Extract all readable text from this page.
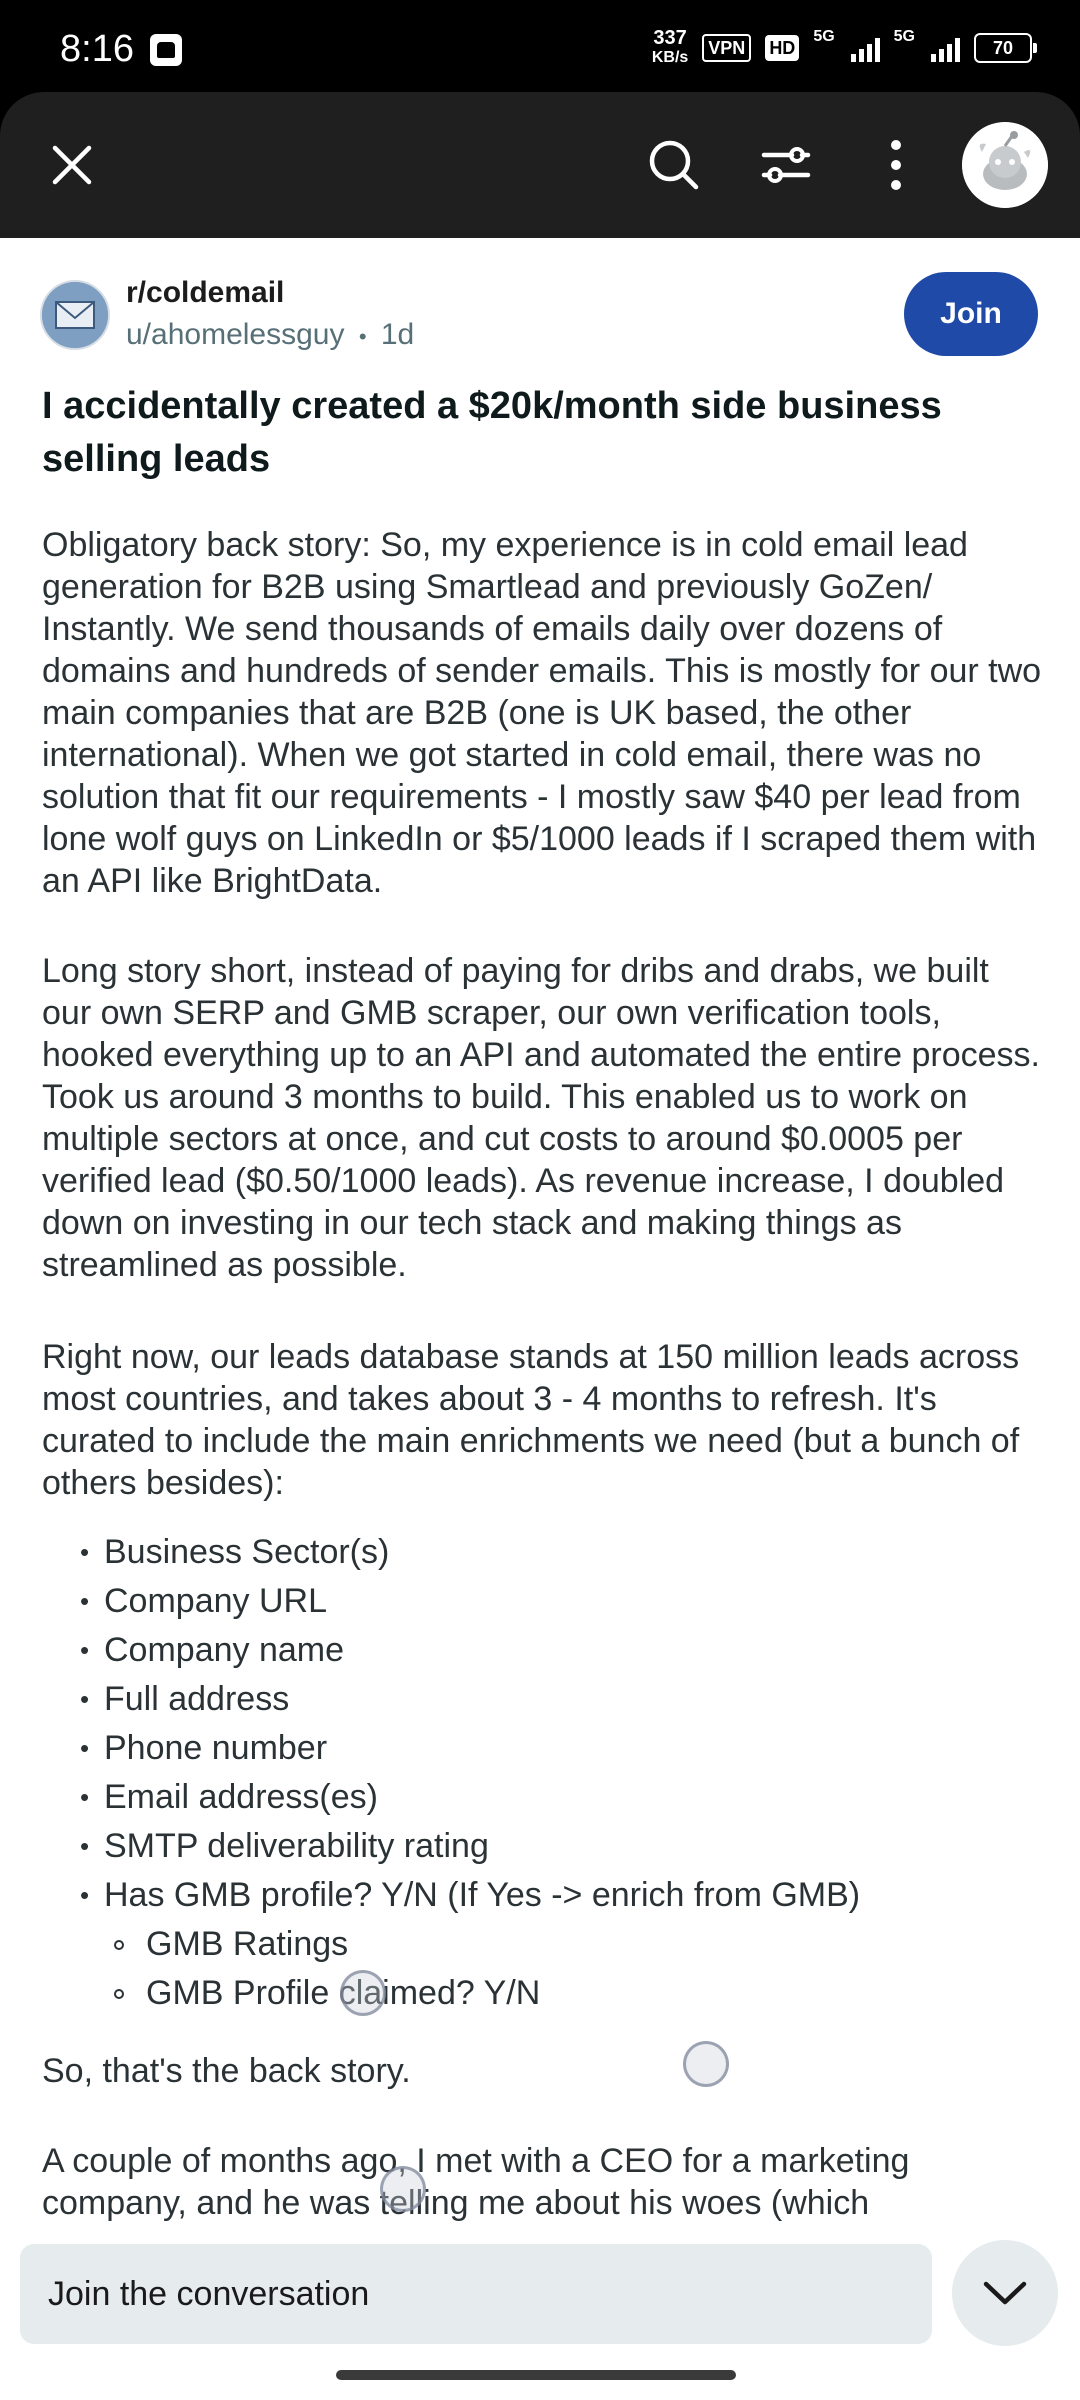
8:16	337
KB/s	VPN	HD
5G	5G
70
r/coldemail
u/ahomelessguy • 1d
Join
I accidentally created a $20k/month side business selling leads
Obligatory back story: So, my experience is in cold email lead generation for B2B using Smartlead and previously GoZen/ Instantly. We send thousands of emails daily over dozens of domains and hundreds of sender emails. This is mostly for our two main companies that are B2B (one is UK based, the other international). When we got started in cold email, there was no solution that fit our requirements - I mostly saw $40 per lead from lone wolf guys on LinkedIn or $5/1000 leads if I scraped them with an API like BrightData.
Long story short, instead of paying for dribs and drabs, we built our own SERP and GMB scraper, our own verification tools, hooked everything up to an API and automated the entire process. Took us around 3 months to build. This enabled us to work on multiple sectors at once, and cut costs to around $0.0005 per verified lead ($0.50/1000 leads). As revenue increase, I doubled down on investing in our tech stack and making things as streamlined as possible.
Right now, our leads database stands at 150 million leads across most countries, and takes about 3 - 4 months to refresh. It's curated to include the main enrichments we need (but a bunch of others besides):
• Business Sector(s)
• Company URL
• Company name
• Full address
• Phone number
• Email address(es)
• SMTP deliverability rating
• Has GMB profile? Y/N (If Yes -> enrich from GMB)
GMB Ratings
GMB Profile claimed? Y/N
So, that's the back story.
A couple of months ago, I met with a CEO for a marketing company, and he was telling me about his woes (which
Join the conversation
